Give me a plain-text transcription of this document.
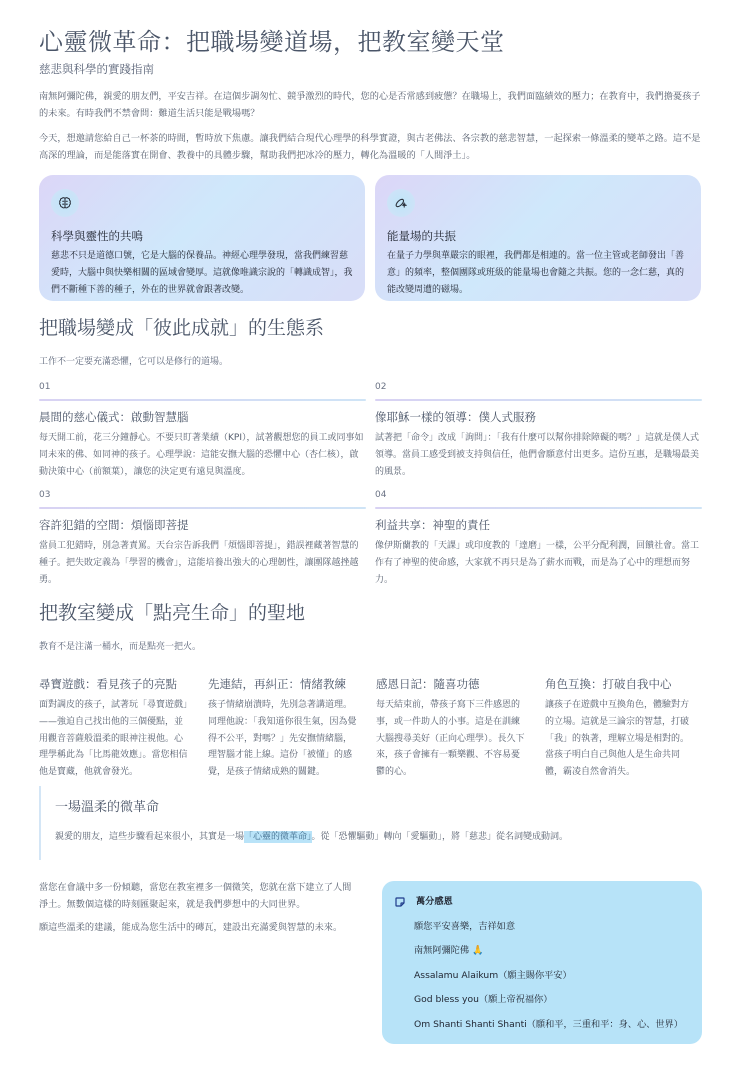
心靈微革命：把職場變道場，把教室變天堂
慈悲與科學的實踐指南

南無阿彌陀佛，親愛的朋友們，平安吉祥。在這個步調匆忙、競爭激烈的時代，您的心是否常感到疲憊？在職場上，我們面臨績效的壓力；在教育中，我們擔憂孩子的未來。有時我們不禁會問：難道生活只能是戰場嗎？

今天，想邀請您給自己一杯茶的時間，暫時放下焦慮。讓我們結合現代心理學的科學實證，與古老佛法、各宗教的慈悲智慧，一起探索一條溫柔的變革之路。這不是高深的理論，而是能落實在開會、教養中的具體步驟，幫助我們把冰冷的壓力，轉化為溫暖的「人間淨土」。

科學與靈性的共鳴
慈悲不只是道德口號，它是大腦的保養品。神經心理學發現，當我們練習慈愛時，大腦中與快樂相關的區域會變厚。這就像唯識宗說的「轉識成智」，我們不斷種下善的種子，外在的世界就會跟著改變。
能量場的共振
在量子力學與華嚴宗的眼裡，我們都是相連的。當一位主管或老師發出「善意」的頻率，整個團隊或班級的能量場也會隨之共振。您的一念仁慈，真的能改變周遭的磁場。
把職場變成「彼此成就」的生態系
工作不一定要充滿恐懼，它可以是修行的道場。
01
晨間的慈心儀式：啟動智慧腦
每天開工前，花三分鐘靜心。不要只盯著業績（KPI），試著觀想您的員工或同事如同未來的佛、如同神的孩子。心理學說：這能安撫大腦的恐懼中心（杏仁核），啟動決策中心（前額葉），讓您的決定更有遠見與溫度。
02
像耶穌一樣的領導：僕人式服務
試著把「命令」改成「詢問」：「我有什麼可以幫你排除障礙的嗎？」這就是僕人式領導。當員工感受到被支持與信任，他們會願意付出更多。這份互惠，是職場最美的風景。
03
容許犯錯的空間：煩惱即菩提
當員工犯錯時，別急著責罵。天台宗告訴我們「煩惱即菩提」，錯誤裡藏著智慧的種子。把失敗定義為「學習的機會」，這能培養出強大的心理韌性，讓團隊越挫越勇。
04
利益共享：神聖的責任
像伊斯蘭教的「天課」或印度教的「達磨」一樣，公平分配利潤，回饋社會。當工作有了神聖的使命感，大家就不再只是為了薪水而戰，而是為了心中的理想而努力。
把教室變成「點亮生命」的聖地
教育不是注滿一桶水，而是點亮一把火。
尋寶遊戲：看見孩子的亮點
面對調皮的孩子，試著玩「尋寶遊戲」——強迫自己找出他的三個優點，並用觀音菩薩般溫柔的眼神注視他。心理學稱此為「比馬龍效應」。當您相信他是寶藏，他就會發光。
先連結，再糾正：情緒教練
孩子情緒崩潰時，先別急著講道理。同理他說：「我知道你很生氣，因為覺得不公平，對嗎？」先安撫情緒腦，理智腦才能上線。這份「被懂」的感覺，是孩子情緒成熟的關鍵。
感恩日記：隨喜功德
每天結束前，帶孩子寫下三件感恩的事，或一件助人的小事。這是在訓練大腦搜尋美好（正向心理學）。長久下來，孩子會擁有一顆樂觀、不容易憂鬱的心。
角色互換：打破自我中心
讓孩子在遊戲中互換角色，體驗對方的立場。這就是三論宗的智慧，打破「我」的執著，理解立場是相對的。當孩子明白自己與他人是生命共同體，霸凌自然會消失。
一場溫柔的微革命
親愛的朋友，這些步驟看起來很小，其實是一場「心靈的微革命」。從「恐懼驅動」轉向「愛驅動」，將「慈悲」從名詞變成動詞。

當您在會議中多一份傾聽，當您在教室裡多一個微笑，您就在當下建立了人間淨土。無數個這樣的時刻匯聚起來，就是我們夢想中的大同世界。

願這些溫柔的建議，能成為您生活中的磚瓦，建設出充滿愛與智慧的未來。

萬分感恩
願您平安喜樂，吉祥如意
南無阿彌陀佛 🙏
Assalamu Alaikum（願主賜你平安）
God bless you（願上帝祝福你）
Om Shanti Shanti Shanti（願和平，三重和平：身、心、世界）
